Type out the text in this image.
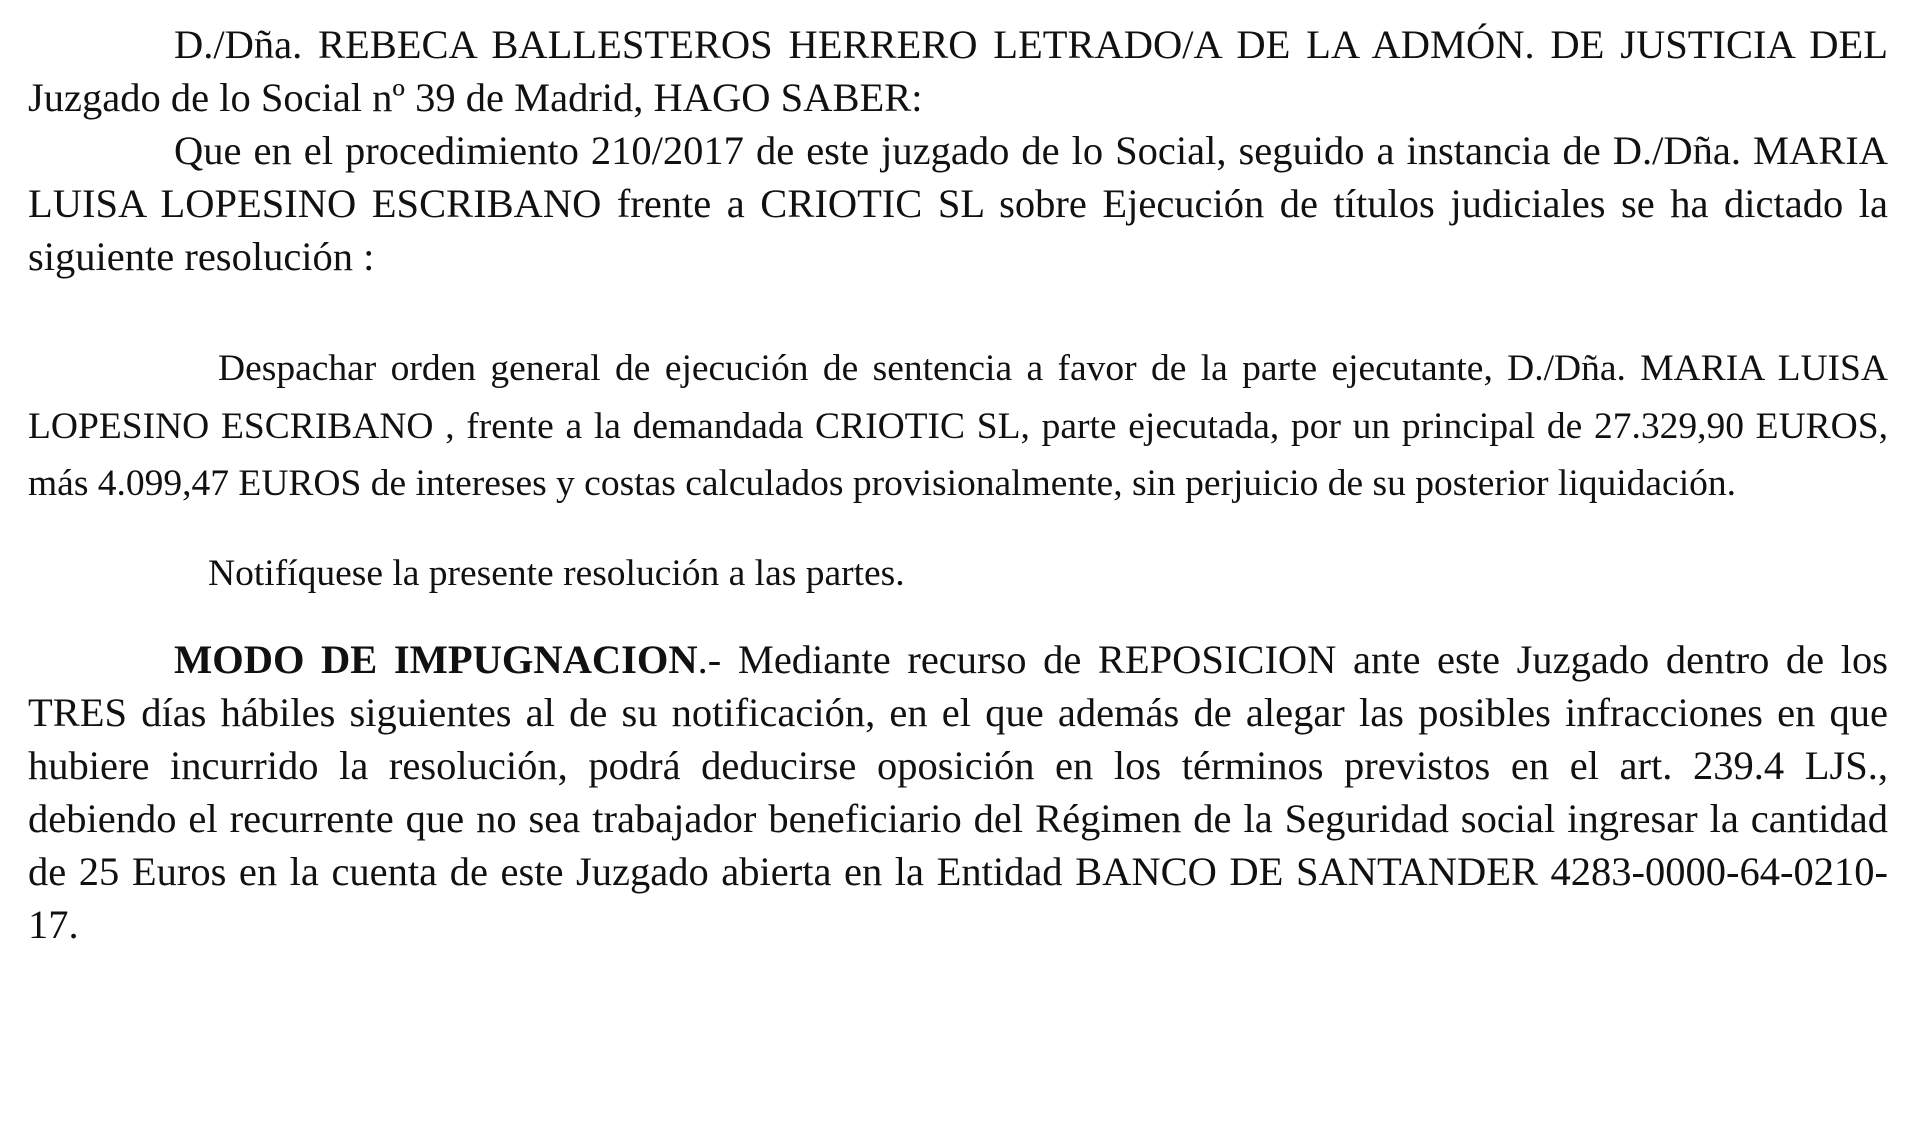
D./Dña. REBECA BALLESTEROS HERRERO LETRADO/A DE LA ADMÓN. DE JUSTICIA DEL Juzgado de lo Social nº 39 de Madrid, HAGO SABER:

Que en el procedimiento 210/2017 de este juzgado de lo Social, seguido a instancia de D./Dña. MARIA LUISA LOPESINO ESCRIBANO frente a CRIOTIC SL sobre Ejecución de títulos judiciales se ha dictado la siguiente resolución :

Despachar orden general de ejecución de sentencia a favor de la parte ejecutante, D./Dña. MARIA LUISA LOPESINO ESCRIBANO , frente a la demandada CRIOTIC SL, parte ejecutada, por un principal de 27.329,90 EUROS, más 4.099,47 EUROS de intereses y costas calculados provisionalmente, sin perjuicio de su posterior liquidación.

Notifíquese la presente resolución a las partes.

MODO DE IMPUGNACION.- Mediante recurso de REPOSICION ante este Juzgado dentro de los TRES días hábiles siguientes al de su notificación, en el que además de alegar las posibles infracciones en que hubiere incurrido la resolución, podrá deducirse oposición en los términos previstos en el art. 239.4 LJS., debiendo el recurrente que no sea trabajador beneficiario del Régimen de la Seguridad social ingresar la cantidad de 25 Euros en la cuenta de este Juzgado abierta en la Entidad BANCO DE SANTANDER 4283-0000-64-0210-17.
